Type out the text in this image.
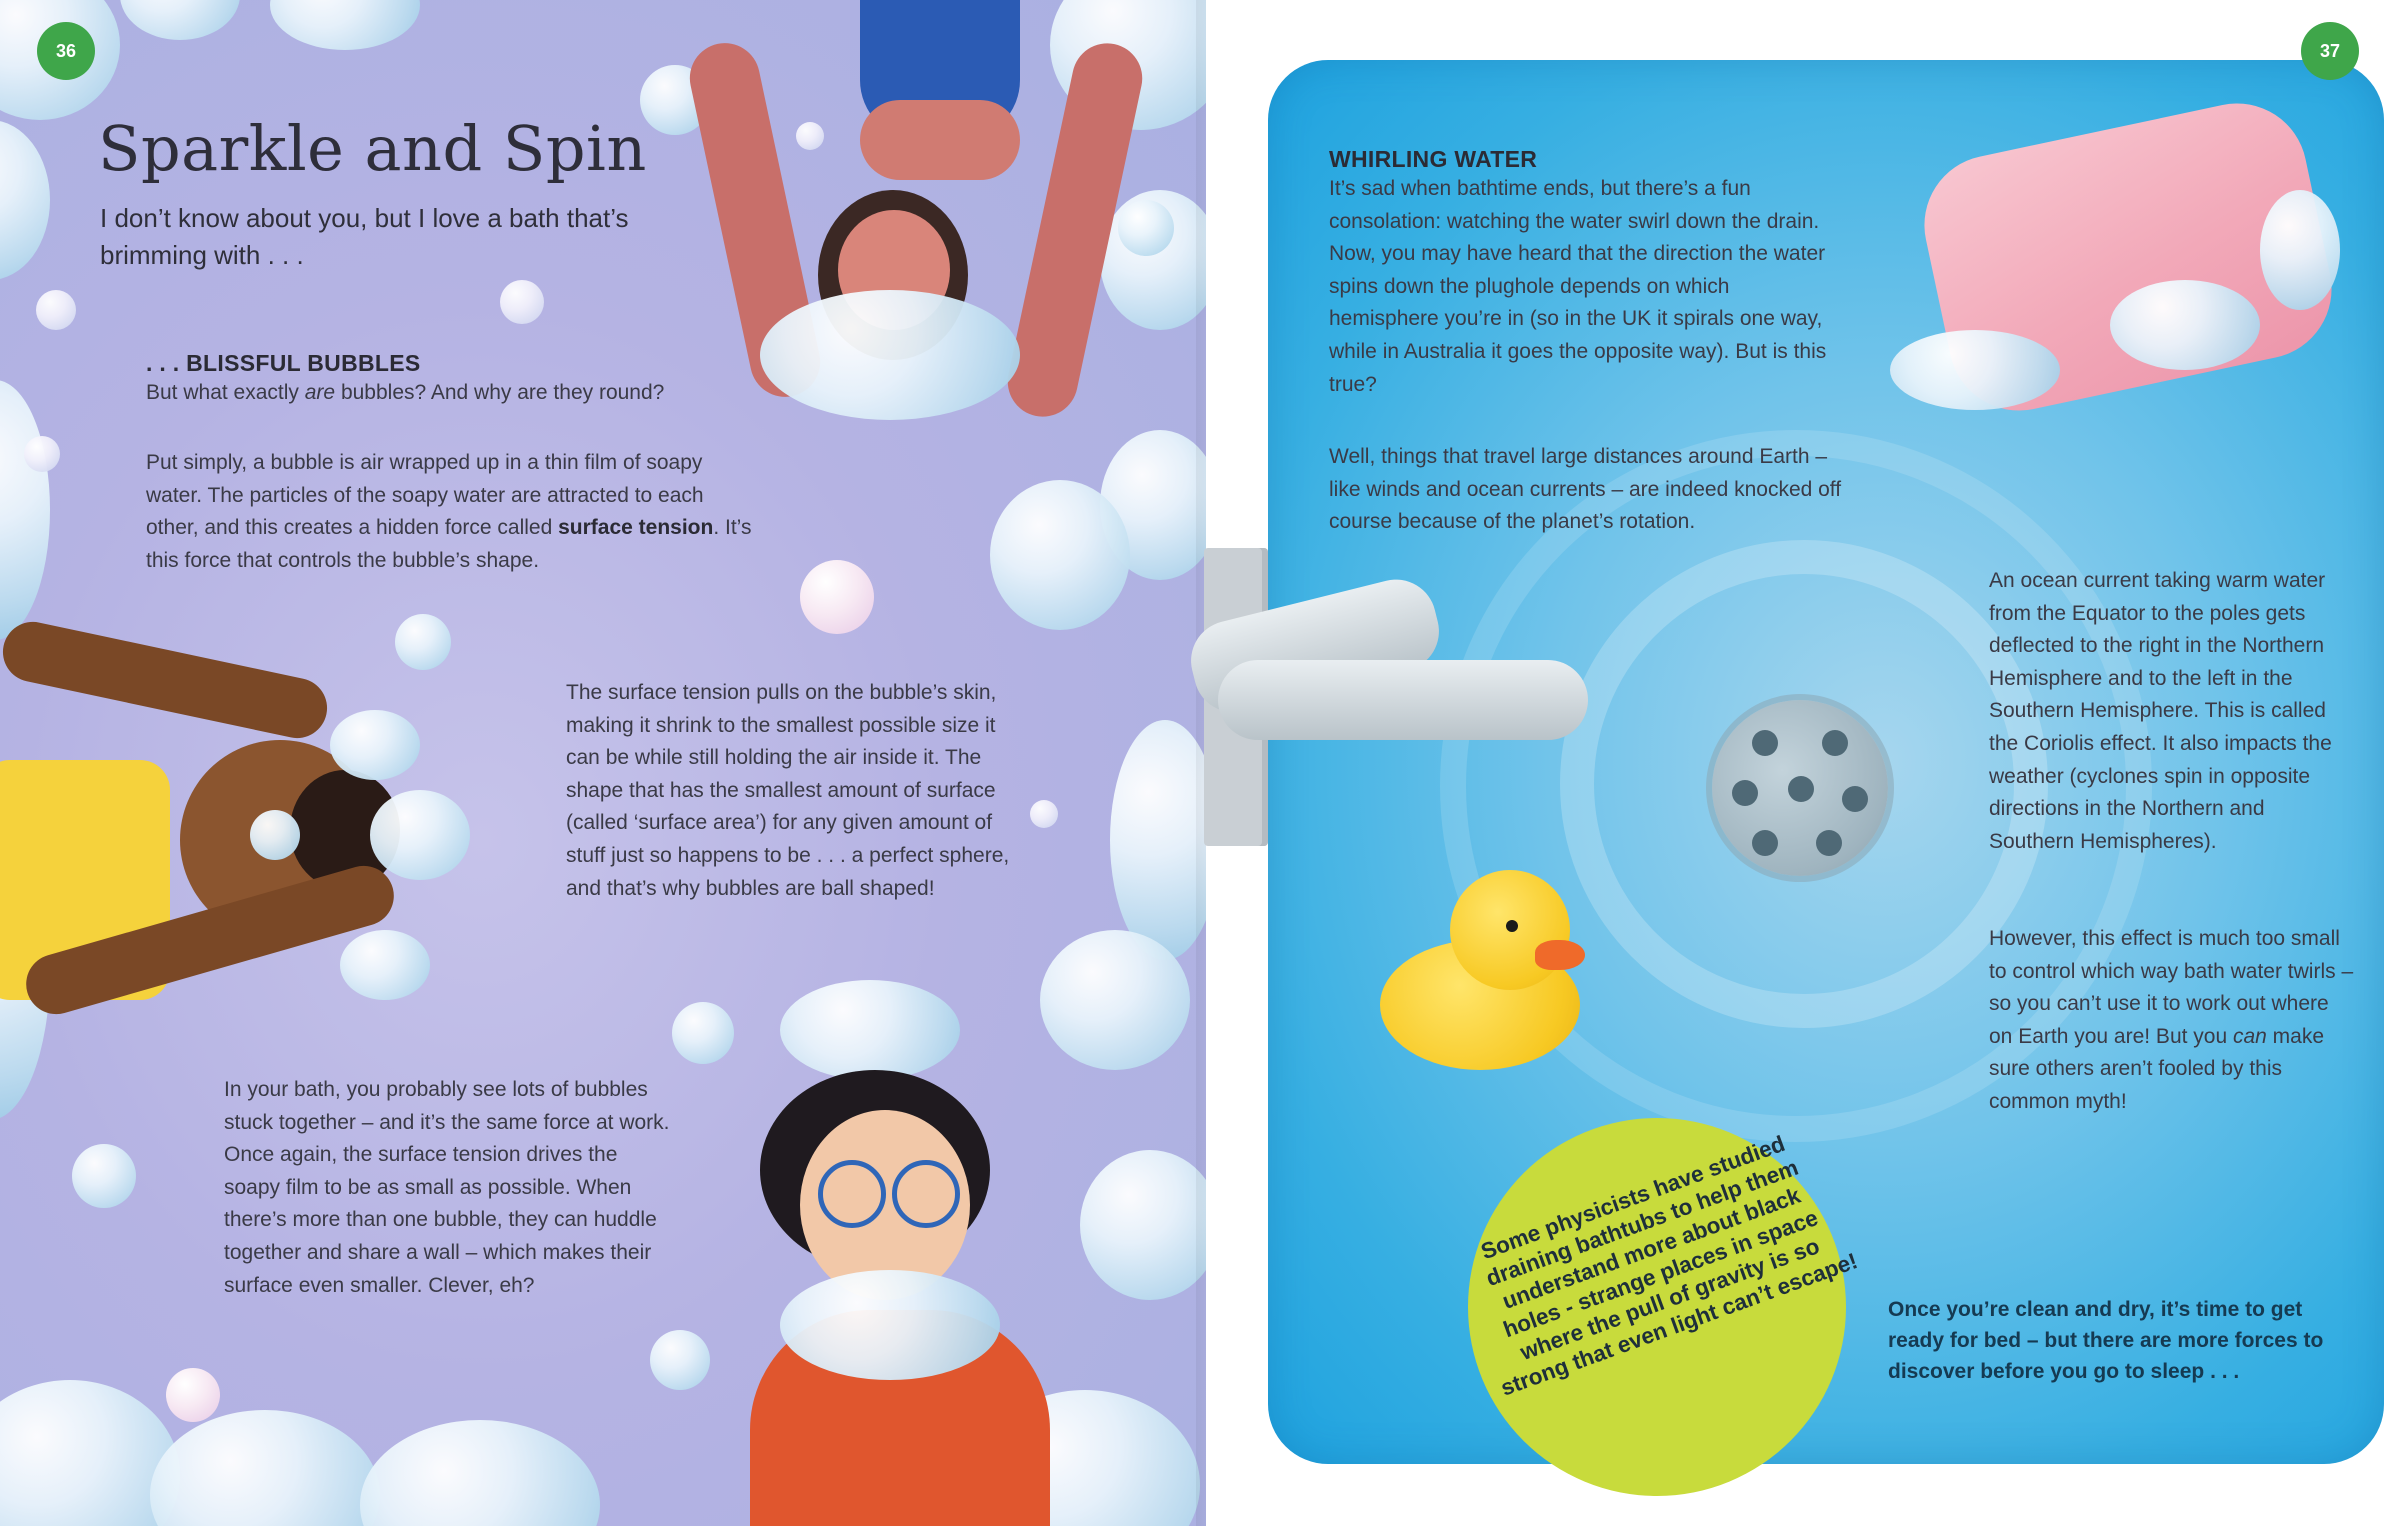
Sparkle and Spin
I don’t know about you, but I love a bath that’s brimming with . . .
. . . BLISSFUL BUBBLES
But what exactly are bubbles? And why are they round?
Put simply, a bubble is air wrapped up in a thin film of soapy water. The particles of the soapy water are attracted to each other, and this creates a hidden force called surface tension. It’s this force that controls the bubble’s shape.
The surface tension pulls on the bubble’s skin, making it shrink to the smallest possible size it can be while still holding the air inside it. The shape that has the smallest amount of surface (called ‘surface area’) for any given amount of stuff just so happens to be . . . a perfect sphere, and that’s why bubbles are ball shaped!
In your bath, you probably see lots of bubbles stuck together – and it’s the same force at work. Once again, the surface tension drives the soapy film to be as small as possible. When there’s more than one bubble, they can huddle together and share a wall – which makes their surface even smaller. Clever, eh?
36
WHIRLING WATER
It’s sad when bathtime ends, but there’s a fun consolation: watching the water swirl down the drain. Now, you may have heard that the direction the water spins down the plughole depends on which hemisphere you’re in (so in the UK it spirals one way, while in Australia it goes the opposite way). But is this true?
Well, things that travel large distances around Earth – like winds and ocean currents – are indeed knocked off course because of the planet’s rotation.
An ocean current taking warm water from the Equator to the poles gets deflected to the right in the Northern Hemisphere and to the left in the Southern Hemisphere. This is called the Coriolis effect. It also impacts the weather (cyclones spin in opposite directions in the Northern and Southern Hemispheres).
However, this effect is much too small to control which way bath water twirls – so you can’t use it to work out where on Earth you are! But you can make sure others aren’t fooled by this common myth!
Some physicists have studied draining bathtubs to help them understand more about black holes - strange places in space where the pull of gravity is so strong that even light can’t escape! Once you’re clean and dry, it’s time to get ready for bed – but there are more forces to discover before you go to sleep . . .
37
